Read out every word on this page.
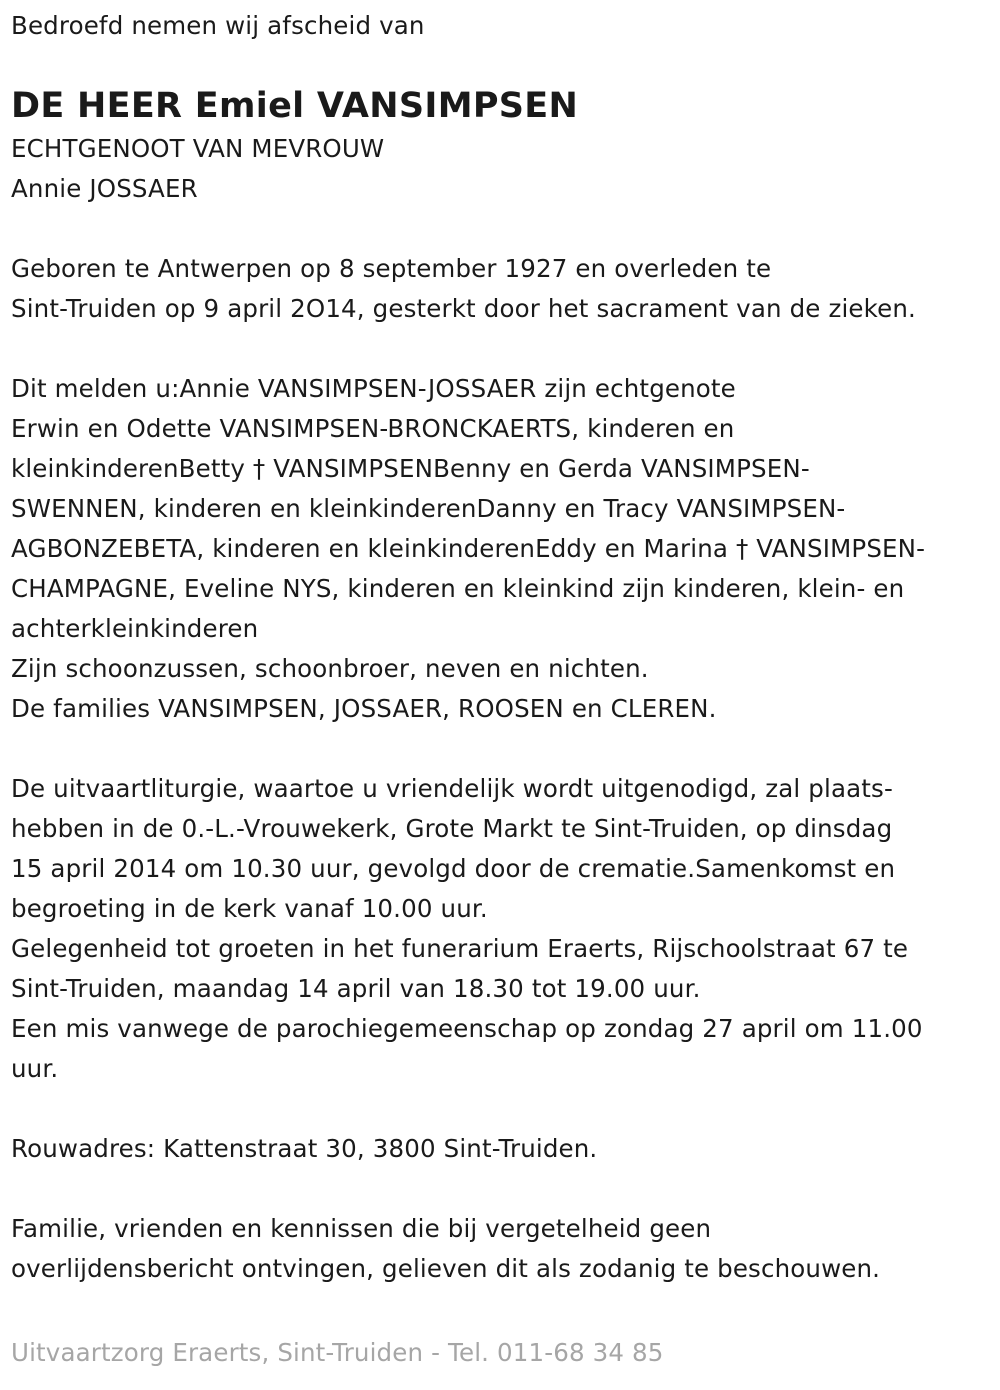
Bedroefd nemen wij afscheid van
DE HEER Emiel VANSIMPSEN
ECHTGENOOT VAN MEVROUW
Annie JOSSAER
Geboren te Antwerpen op 8 september 1927 en overleden te
Sint-Truiden op 9 april 2O14, gesterkt door het sacrament van de zieken.
Dit melden u:Annie VANSIMPSEN-JOSSAER zijn echtgenote
Erwin en Odette VANSIMPSEN-BRONCKAERTS, kinderen en
kleinkinderenBetty † VANSIMPSENBenny en Gerda VANSIMPSEN-
SWENNEN, kinderen en kleinkinderenDanny en Tracy VANSIMPSEN-
AGBONZEBETA, kinderen en kleinkinderenEddy en Marina † VANSIMPSEN-
CHAMPAGNE, Eveline NYS, kinderen en kleinkind zijn kinderen, klein- en
achterkleinkinderen
Zijn schoonzussen, schoonbroer, neven en nichten.
De families VANSIMPSEN, JOSSAER, ROOSEN en CLEREN.
De uitvaartliturgie, waartoe u vriendelijk wordt uitgenodigd, zal plaats-
hebben in de 0.-L.-Vrouwekerk, Grote Markt te Sint-Truiden, op dinsdag
15 april 2014 om 10.30 uur, gevolgd door de crematie.Samenkomst en
begroeting in de kerk vanaf 10.00 uur.
Gelegenheid tot groeten in het funerarium Eraerts, Rijschoolstraat 67 te
Sint-Truiden, maandag 14 april van 18.30 tot 19.00 uur.
Een mis vanwege de parochiegemeenschap op zondag 27 april om 11.00
uur.
Rouwadres: Kattenstraat 30, 3800 Sint-Truiden.
Familie, vrienden en kennissen die bij vergetelheid geen
overlijdensbericht ontvingen, gelieven dit als zodanig te beschouwen.
Uitvaartzorg Eraerts, Sint-Truiden - Tel. 011-68 34 85
